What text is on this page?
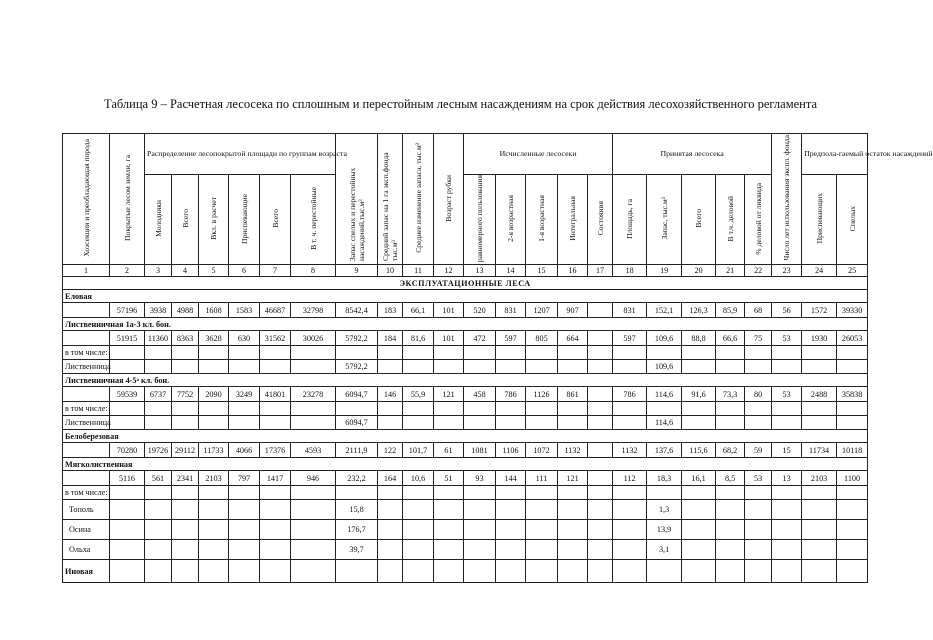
Таблица 9 – Расчетная лесосека по сплошным и перестойным лесным насаждениям на срок действия лесохозяйственного регламента
Хозсекция и преобладающая порода	Покрытые лесом земли, га	Распределение лесопокрытой площади по группам возраста						Запас спелых и перестойных насаждений,тыс.м³	Средний запас на 1 га эксп.фонда тыс.м³	Среднее изменение запаса, тыс.м³	Возраст рубки	Исчисленные лесосеки					Принятая лесосека					Число лет использования экспл. фонда	Предпола-гаемый остаток насаждений	
		Молодняки	Всего	Вкл. в расчет	Приспевающие	Всего	В т. ч. перестойные					равномерного пользования	2-я возрастная	1-я возрастная	Интегральная	Состояния	Площадь, га	Запас, тыс.м³	Всего	В т.ч. деловой	% деловой от ликвида		Приспевающих	Спелых
1	2	3	4	5	6	7	8	9	10	11	12	13	14	15	16	17	18	19	20	21	22	23	24	25
ЭКСПЛУАТАЦИОННЫЕ ЛЕСА																								
Еловая																								
	57196	3938	4988	1608	1583	46687	32798	8542,4	183	66,1	101	520	831	1207	907		831	152,1	126,3	85,9	68	56	1572	39330
Лиственничная 1а-3 кл. бон.																								
	51915	11360	8363	3628	630	31562	30026	5792,2	184	81,6	101	472	597	805	664		597	109,6	88,8	66,6	75	53	1930	26053
в том числе:																								
Лиственница								5792,2										109,6						
Лиственничная 4-5ᵃ кл. бон.																								
	59539	6737	7752	2090	3249	41801	23278	6094,7	146	55,9	121	458	786	1126	861		786	114,6	91,6	73,3	80	53	2488	35838
в том числе:																								
Лиственница								6094,7										114,6						
Белоберезовая																								
	70280	19726	29112	11733	4066	17376	4593	2111,9	122	101,7	61	1081	1106	1072	1132		1132	137,6	115,6	68,2	59	15	11734	10118
Мягколиственная																								
	5116	561	2341	2103	797	1417	946	232,2	164	10,6	51	93	144	111	121		112	18,3	16,1	8,5	53	13	2103	1100
в том числе:																								
Тополь								15,8										1,3						
Осина								176,7										13,9						
Ольха								39,7										3,1						
Иновая																								
